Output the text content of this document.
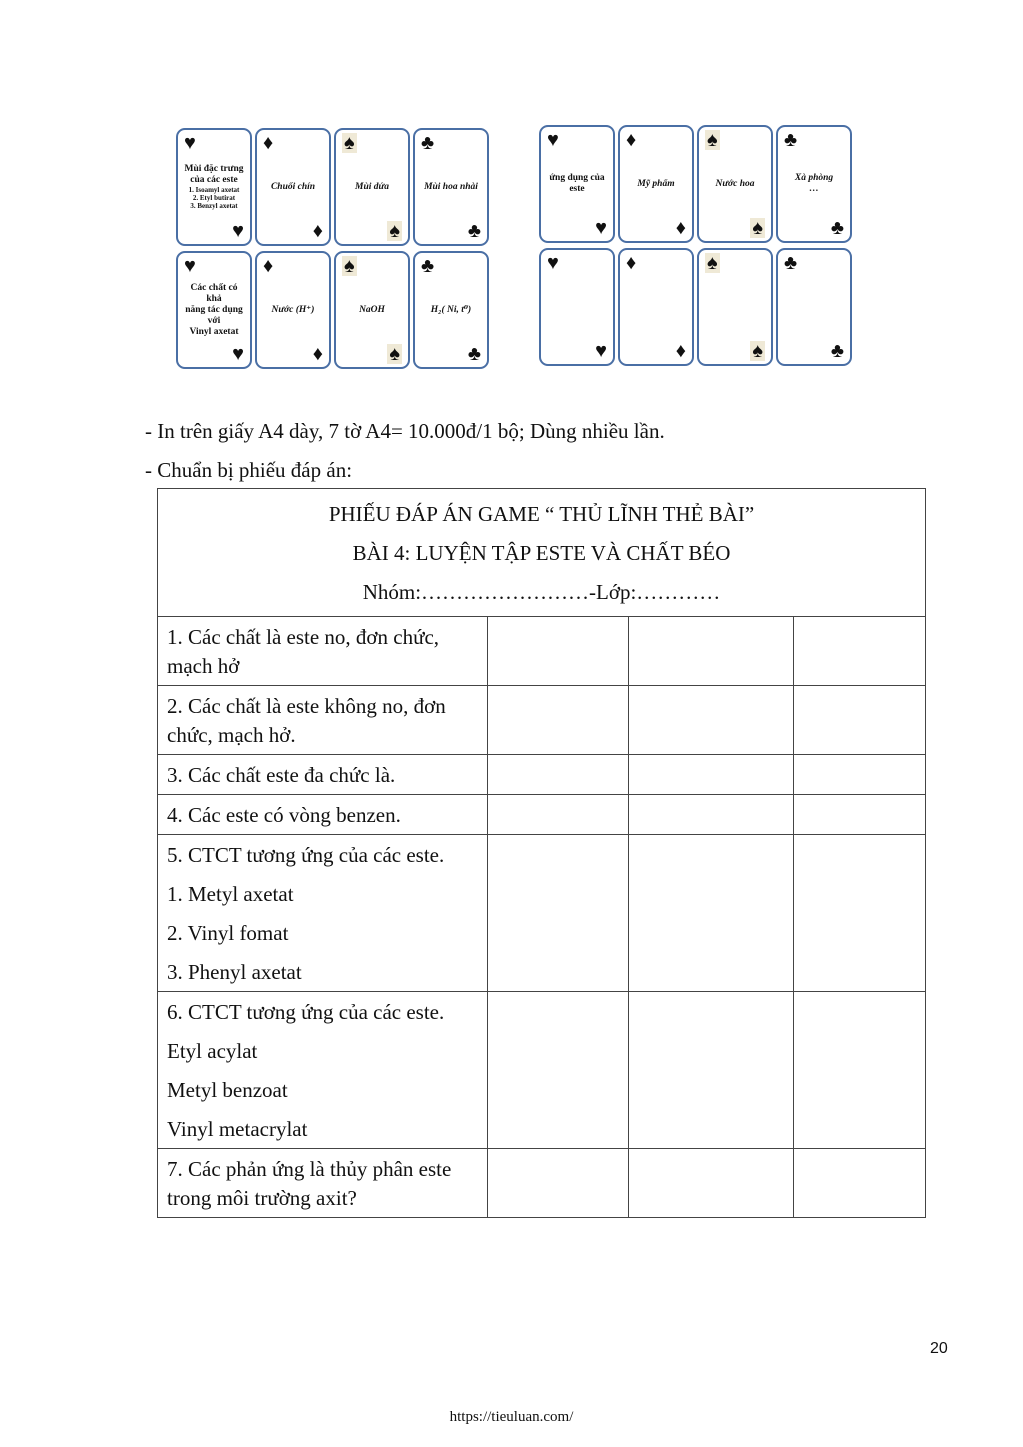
♥
♥
Mùi đặc trưng
của các este
1. Isoamyl axetat
2. Etyl butirat
3. Benzyl axetat
♦
♦
Chuối chín
♠
♠
Mùi dứa
♣
♣
Mùi hoa nhài
♥
♥
Các chất có khả
năng tác dụng
với
Vinyl axetat
♦
♦
Nước (H⁺)
♠
♠
NaOH
♣
♣
H₂( Ni, t⁰)
♥
♥
ứng dụng của
este
♦
♦
Mỹ phẩm
♠
♠
Nước hoa
♣
♣
Xà phòng
…
♥
♥
♦
♦
♠
♠
♣
♣
- In trên giấy A4 dày, 7 tờ A4= 10.000đ/1 bộ; Dùng nhiều lần.
- Chuẩn bị phiếu đáp án:
PHIẾU ĐÁP ÁN GAME “ THỦ LĨNH THẺ BÀI”
BÀI 4: LUYỆN TẬP ESTE VÀ CHẤT BÉO
Nhóm:……………………-Lớp:…………			

1. Các chất là este no, đơn chức, mạch hở			

2. Các chất là este không no, đơn chức, mạch hở.			

3. Các chất este đa chức là.			

4. Các este có vòng benzen.			

5. CTCT tương ứng của các este.
1. Metyl axetat
2. Vinyl fomat
3. Phenyl axetat			

6. CTCT tương ứng của các este.
Etyl acylat
Metyl benzoat
Vinyl metacrylat			

7. Các phản ứng là thủy phân este trong môi trường axit?			

20
https://tieuluan.com/
